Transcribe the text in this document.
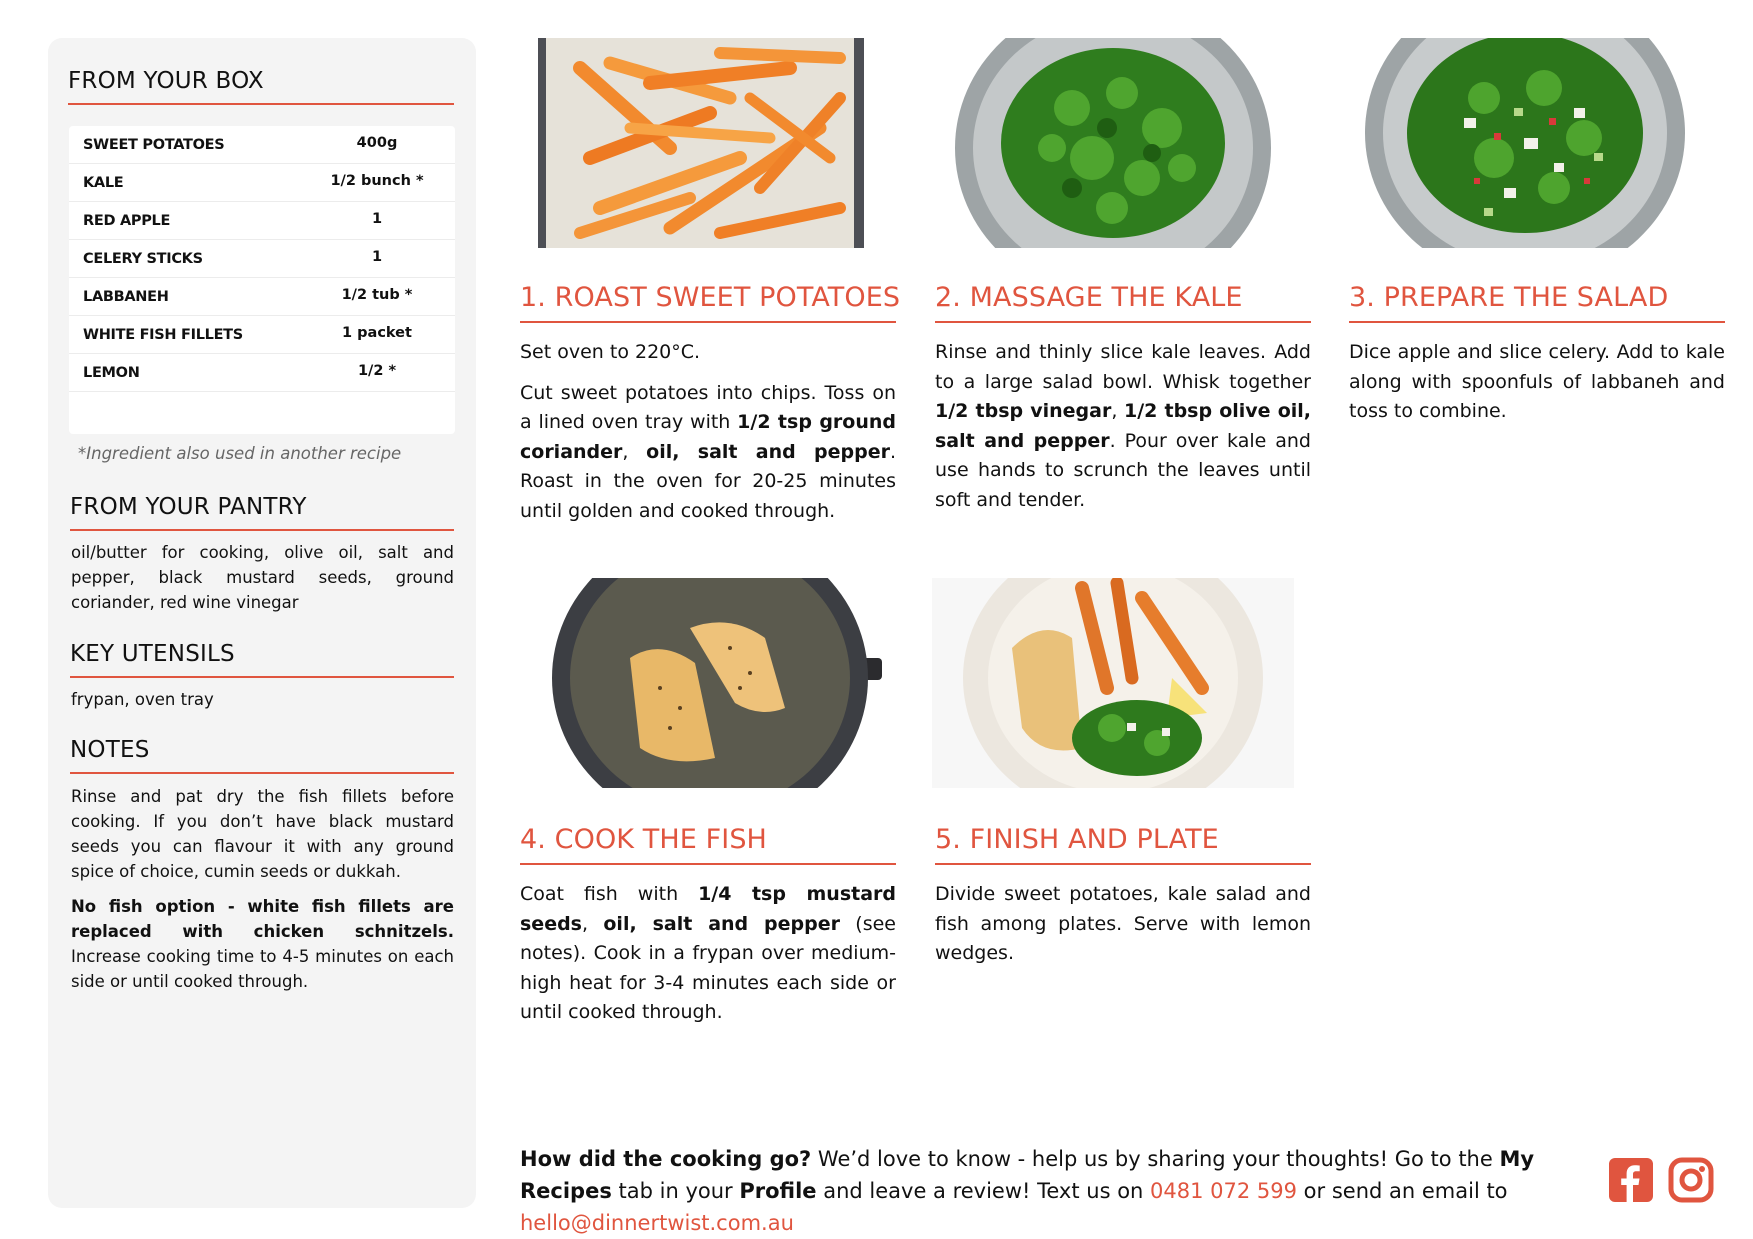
FROM YOUR BOX
SWEET POTATOES	400g
KALE	1/2 bunch *
RED APPLE	1
CELERY STICKS	1
LABBANEH	1/2 tub *
WHITE FISH FILLETS	1 packet
LEMON	1/2 *
*Ingredient also used in another recipe
FROM YOUR PANTRY
oil/butter for cooking, olive oil, salt and pepper, black mustard seeds, ground coriander, red wine vinegar
KEY UTENSILS
frypan, oven tray
NOTES
Rinse and pat dry the fish fillets before cooking. If you don’t have black mustard seeds you can flavour it with any ground spice of choice, cumin seeds or dukkah.
No fish option - white fish fillets are replaced with chicken schnitzels. Increase cooking time to 4-5 minutes on each side or until cooked through.
1. ROAST SWEET POTATOES

Set oven to 220°C.

Cut sweet potatoes into chips. Toss on a lined oven tray with 1/2 tsp ground coriander, oil, salt and pepper. Roast in the oven for 20-25 minutes until golden and cooked through.

2. MASSAGE THE KALE

Rinse and thinly slice kale leaves. Add to a large salad bowl. Whisk together 1/2 tbsp vinegar, 1/2 tbsp olive oil, salt and pepper. Pour over kale and use hands to scrunch the leaves until soft and tender.

3. PREPARE THE SALAD

Dice apple and slice celery. Add to kale along with spoonfuls of labbaneh and toss to combine.

4. COOK THE FISH

Coat fish with 1/4 tsp mustard seeds, oil, salt and pepper (see notes). Cook in a frypan over medium-high heat for 3-4 minutes each side or until cooked through.

5. FINISH AND PLATE

Divide sweet potatoes, kale salad and fish among plates. Serve with lemon wedges.

How did the cooking go? We’d love to know - help us by sharing your thoughts! Go to the My Recipes tab in your Profile and leave a review! Text us on 0481 072 599 or send an email to hello@dinnertwist.com.au
